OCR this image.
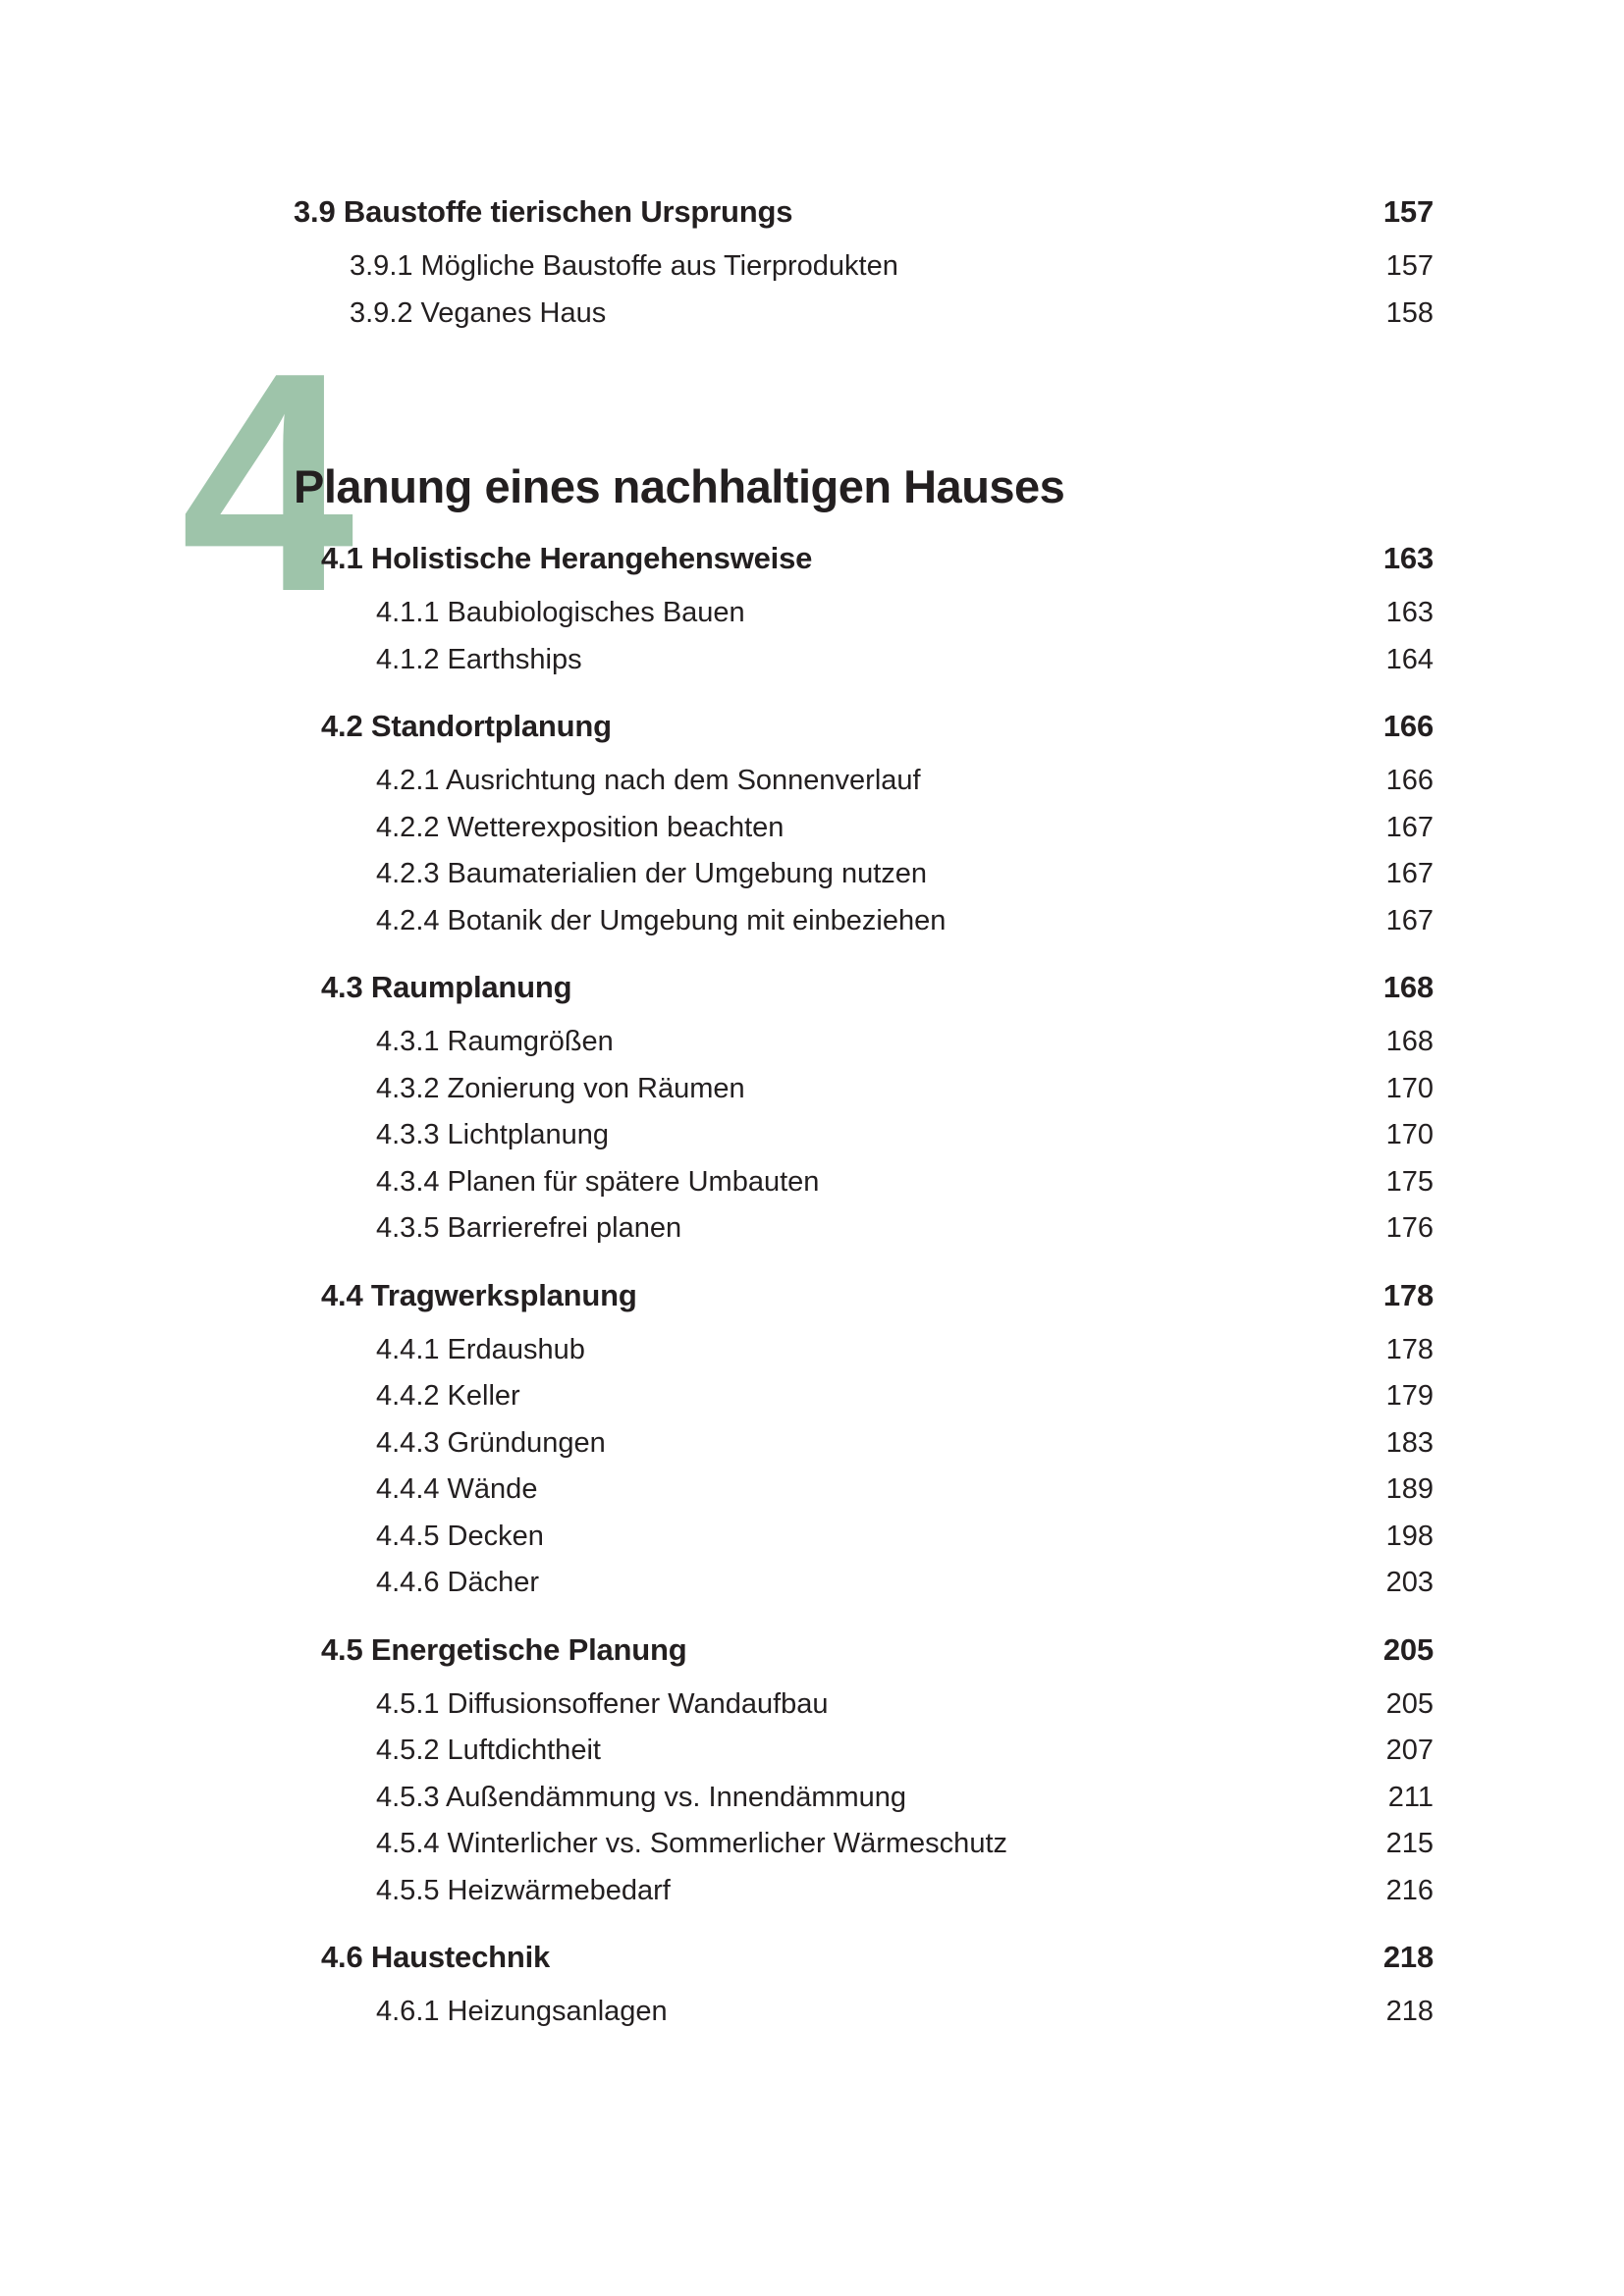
4
3.9 Baustoffe tierischen Ursprungs	157
3.9.1 Mögliche Baustoffe aus Tierprodukten	157
3.9.2 Veganes Haus	158
Planung eines nachhaltigen Hauses
4.1 Holistische Herangehensweise	163
4.1.1 Baubiologisches Bauen	163
4.1.2 Earthships	164
4.2 Standortplanung	166
4.2.1 Ausrichtung nach dem Sonnenverlauf	166
4.2.2 Wetterexposition beachten	167
4.2.3 Baumaterialien der Umgebung nutzen	167
4.2.4 Botanik der Umgebung mit einbeziehen	167
4.3 Raumplanung	168
4.3.1 Raumgrößen	168
4.3.2 Zonierung von Räumen	170
4.3.3 Lichtplanung	170
4.3.4 Planen für spätere Umbauten	175
4.3.5 Barrierefrei planen	176
4.4 Tragwerksplanung	178
4.4.1 Erdaushub	178
4.4.2 Keller	179
4.4.3 Gründungen	183
4.4.4 Wände	189
4.4.5 Decken	198
4.4.6 Dächer	203
4.5 Energetische Planung	205
4.5.1 Diffusionsoffener Wandaufbau	205
4.5.2 Luftdichtheit	207
4.5.3 Außendämmung vs. Innendämmung	211
4.5.4 Winterlicher vs. Sommerlicher Wärmeschutz	215
4.5.5 Heizwärmebedarf	216
4.6 Haustechnik	218
4.6.1 Heizungsanlagen	218
